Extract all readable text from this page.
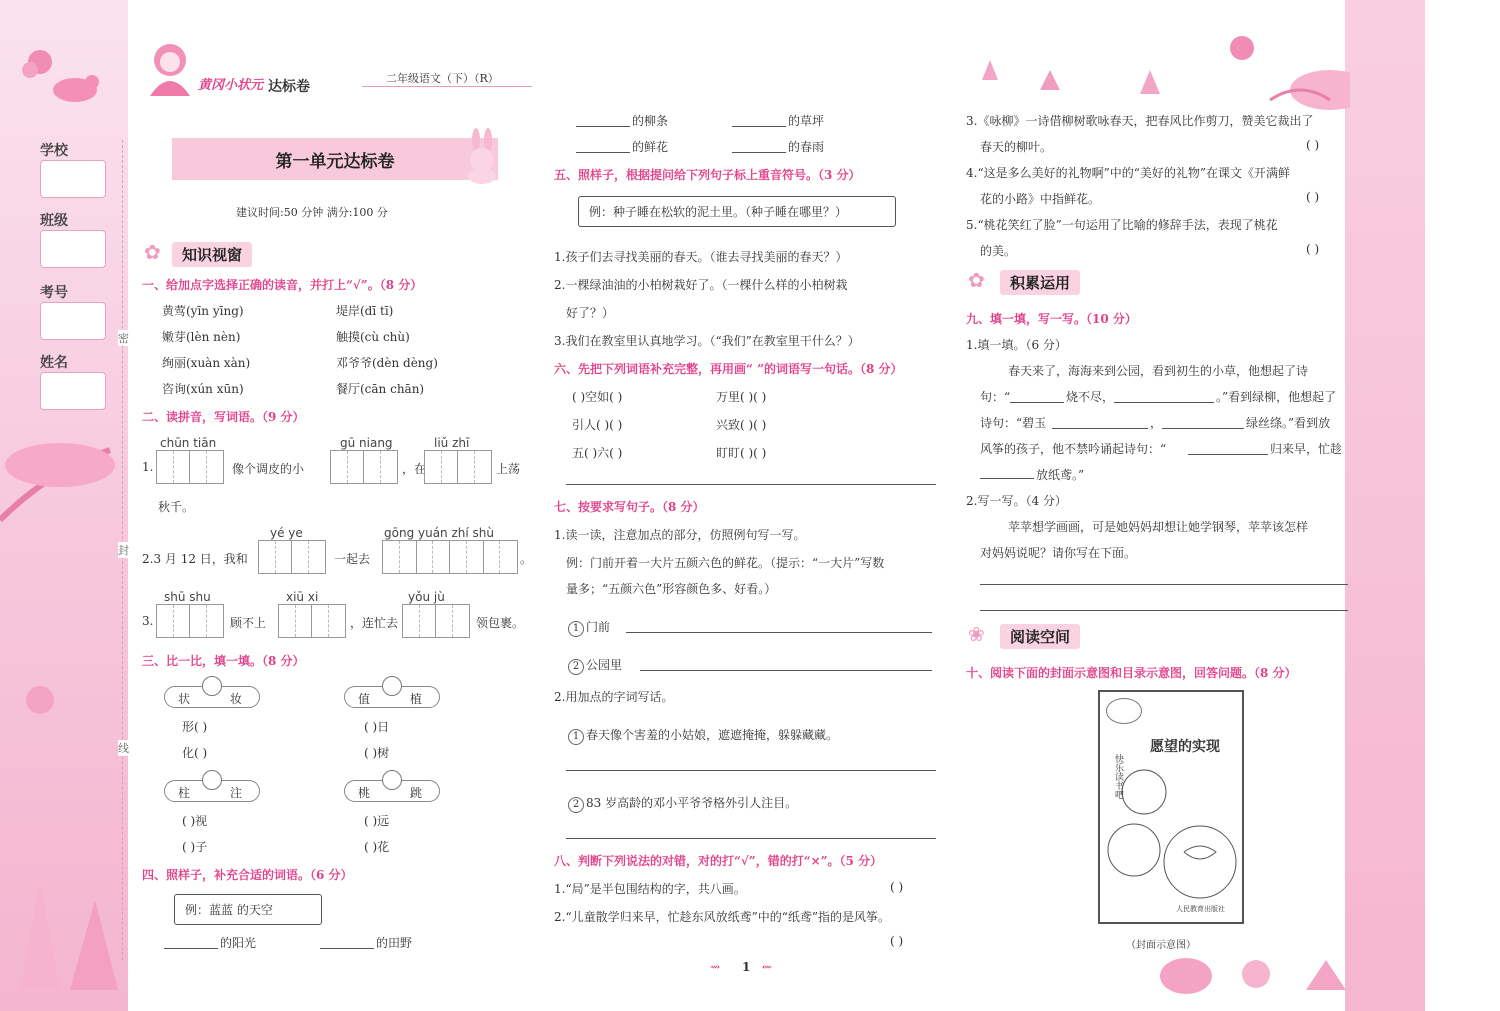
学校
班级
考号
姓名
密
封
线
黄冈小状元 达标卷
二年级语文（下）（R）
第一单元达标卷
建议时间:50 分钟 满分:100 分
知识视窗
✿
一、给加点字选择正确的读音，并打上“√”。（8 分）
黄莺(yīn yīng)	堤岸(dī tī)
嫩芽(lèn nèn)	触摸(cù chù)
绚丽(xuàn xàn)	邓爷爷(dèn dèng)
咨询(xún xūn)	餐厅(cān chān)
二、读拼音，写词语。（9 分）
chūn tiān	gū niang	liǔ zhī
1.	像个调皮的小	，在	上荡
秋千。
yé ye	gōng yuán zhí shù
2.3 月 12 日，我和	一起去	。
shū shu	xiū xi	yǒu jù
3.	顾不上	，连忙去	领包裹。
三、比一比，填一填。（8 分）
状	妆
形( )
化( )
值	植
( )日
( )树
柱	注
( )视
( )子
桃	跳
( )远
( )花
四、照样子，补充合适的词语。（6 分）
例：蓝蓝 的天空
的阳光	的田野
的柳条	的草坪
的鲜花	的春雨
五、照样子，根据提问给下列句子标上重音符号。（3 分）
例：种子睡在松软的泥土里。（种子睡在哪里？）
1.孩子们去寻找美丽的春天。（谁去寻找美丽的春天？）
2.一棵绿油油的小柏树栽好了。（一棵什么样的小柏树栽
好了？）
3.我们在教室里认真地学习。（“我们”在教室里干什么？）
六、先把下列词语补充完整，再用画“ ”的词语写一句话。（8 分）
( )空如( )	万里( )( )
引人( )( )	兴致( )( )
五( )六( )	盯盯( )( )
七、按要求写句子。（8 分）
1.读一读，注意加点的部分，仿照例句写一写。
例：门前开着一大片五颜六色的鲜花。（提示：“一大片”写数
量多；“五颜六色”形容颜色多、好看。）
1 门前
2 公园里
2.用加点的字词写话。
1 春天像个害羞的小姑娘，遮遮掩掩，躲躲藏藏。
2 83 岁高龄的邓小平爷爷格外引人注目。
八、判断下列说法的对错，对的打“√”，错的打“×”。（5 分）
1.“局”是半包围结构的字，共八画。	( )
2.“儿童散学归来早，忙趁东风放纸鸢”中的“纸鸢”指的是风筝。
( )
⇝ 1 ⇜
3.《咏柳》一诗借柳树歌咏春天，把春风比作剪刀，赞美它裁出了
春天的柳叶。	( )
4.“这是多么美好的礼物啊”中的“美好的礼物”在课文《开满鲜
花的小路》中指鲜花。	( )
5.“桃花笑红了脸”一句运用了比喻的修辞手法，表现了桃花
的美。	( )
积累运用
✿
九、填一填，写一写。（10 分）
1.填一填。（6 分）
春天来了，海海来到公园，看到初生的小草，他想起了诗
句：“	烧不尽，	。”看到绿柳，他想起了
诗句：“碧玉	，	绿丝绦。”看到放
风筝的孩子，他不禁吟诵起诗句：“	归来早，忙趁
放纸鸢。”
2.写一写。（4 分）
苹苹想学画画，可是她妈妈却想让她学钢琴，苹苹该怎样
对妈妈说呢？请你写在下面。
阅读空间
❀
十、阅读下面的封面示意图和目录示意图，回答问题。（8 分）
快乐读书吧
愿望的实现
人民教育出版社
（封面示意图）
